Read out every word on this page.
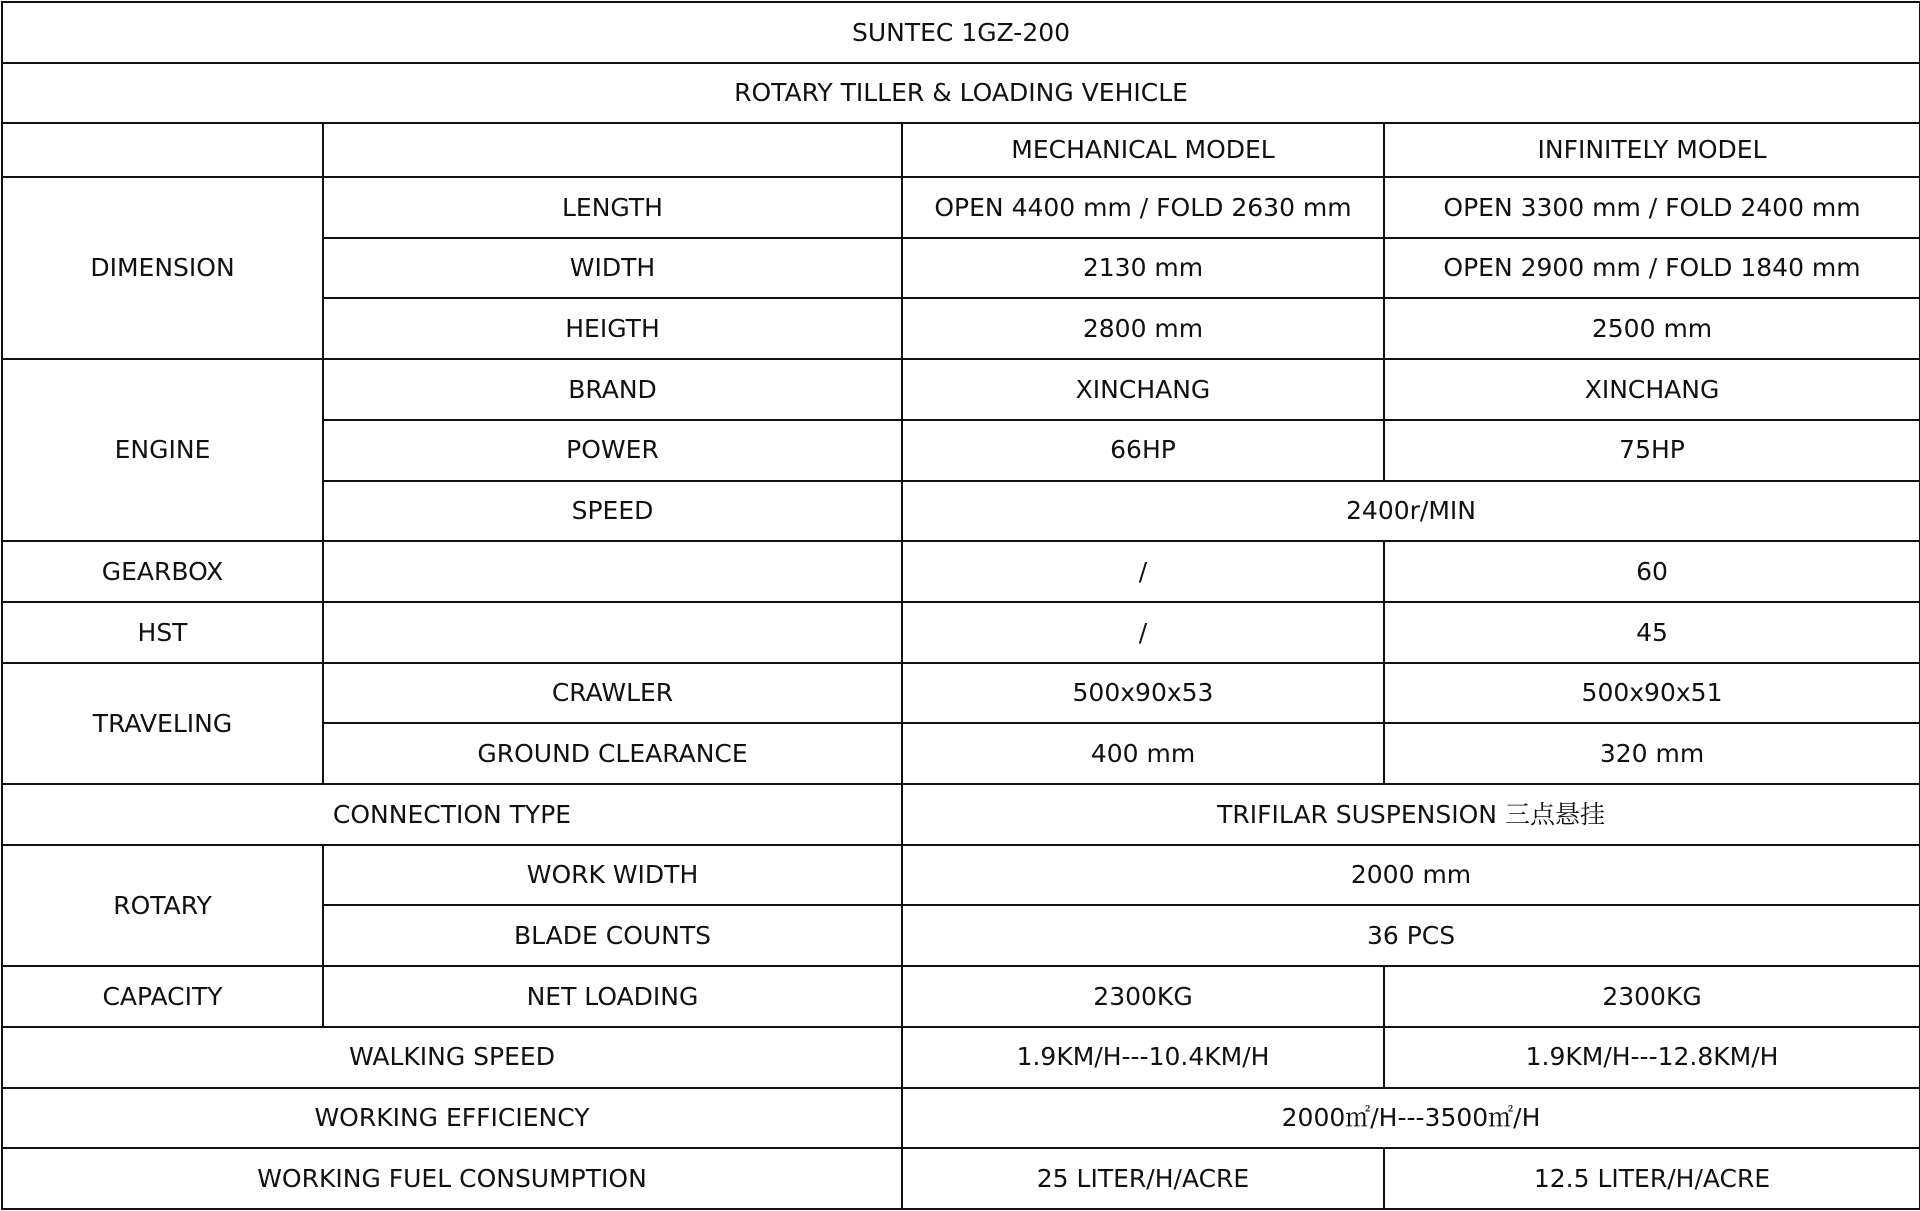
SUNTEC 1GZ-200			
ROTARY TILLER & LOADING VEHICLE			
		MECHANICAL MODEL	INFINITELY MODEL
DIMENSION	LENGTH	OPEN 4400 mm / FOLD 2630 mm	OPEN 3300 mm / FOLD 2400 mm
	WIDTH	2130 mm	OPEN 2900 mm / FOLD 1840 mm
	HEIGTH	2800 mm	2500 mm
ENGINE	BRAND	XINCHANG	XINCHANG
	POWER	66HP	75HP
	SPEED	2400r/MIN	
GEARBOX		/	60
HST		/	45
TRAVELING	CRAWLER	500x90x53	500x90x51
	GROUND CLEARANCE	400 mm	320 mm
CONNECTION TYPE		TRIFILAR SUSPENSION 三点悬挂	
ROTARY	WORK WIDTH	2000 mm	
	BLADE COUNTS	36 PCS	
CAPACITY	NET LOADING	2300KG	2300KG
WALKING SPEED		1.9KM/H---10.4KM/H	1.9KM/H---12.8KM/H
WORKING EFFICIENCY		2000㎡/H---3500㎡/H	
WORKING FUEL CONSUMPTION		25 LITER/H/ACRE	12.5 LITER/H/ACRE
